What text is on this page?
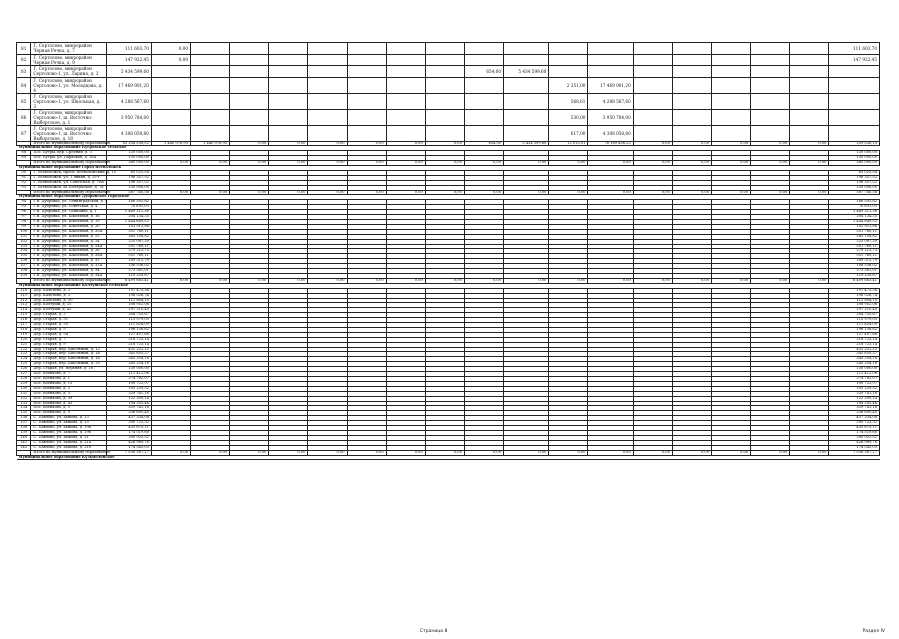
81	Г. Сертолово, микрорайон Черная Речка, д. 7	111 603,70	0,00																	111 603,70
82	Г. Сертолово, микрорайон Черная Речка, д. 9	147 922,45	0,00																	147 922,45
83	Г. Сертолово, микрорайон Сертолово-1, ул. Ларина, д. 2	5 434 599,60									654,00	5 434 599,60								
84	Г. Сертолово, микрорайон Сертолово-1, ул. Молодцова, д. 4	17 469 901,20											2 351,00	17 469 901,20						
85	Г. Сертолово, микрорайон Сертолово-1, ул. Школьная, д. 3	4 288 567,60											568,61	4 288 567,60						
86	Г. Сертолово, микрорайон Сертолово-1, ш. Восточно-Выборгское, д. 1	3 950 784,00											530,00	3 950 784,00						
87	Г. Сертолово, микрорайон Сертолово-1, ш. Восточно-Выборгское, д. 18	4 308 058,80											617,00	4 308 058,80						
	Итого по муниципальному образованию	83 304 558,92	1 440 976,95	1 440 976,95	0,00	0,00	0,00	0,00	0,00	0,00	654,00	5 434 599,60	12 015,01	76 169 456,22	0,00	0,00	0,00	0,00	0,00	259 526,15
Муниципальное образование Бугровское сельское																				
88	Пос. Бугры, пер. Средний, д. 3	130 000,00																		130 000,00
89	Пос. Бугры, ул. Парковая, д. 16А	130 000,00																		130 000,00
	Итого по муниципальному образованию	260 000,00	0,00	0,00	0,00	0,00	0,00	0,00	0,00	0,00	0,00	0,00	0,00	0,00	0,00	0,00	0,00	0,00	0,00	260 000,00
Муниципальное образование Город Всеволожск																				
90	Г. Всеволожск, просп. Всеволожский, д. 15	65 025,54																		65 025,54
91	Г. Всеволожск, ул. 1 линия, д. 25-г	196 357,52																		196 357,52
92	Г. Всеволожск, ул. Советская, д. 70А	196 357,52																		196 357,52
93	Г. Всеволожск, ш. Колтушское, д. 78	130 000,00																		130 000,00
	Итого по муниципальному образованию	587 740,58	0,00	0,00	0,00	0,00	0,00	0,00	0,00	0,00	0,00	0,00	0,00	0,00	0,00	0,00	0,00	0,00	0,00	587 740,58
Муниципальное образование Дубровское городское																				
94	Г.п. Дубровка, ул. Ленинградская, д. 4	166 592,82																		166 592,82
95	Г.п. Дубровка, ул. Советская, д. 4	70 691,03																		70 691,03
96	Г.п. Дубровка, ул. Томилина, д. 1	1 469 311,36																		1 469 311,36
97	Г.п. Дубровка, ул. Школьная, д. 16	204 134,33																		204 134,33
98	Г.п. Дубровка, ул. Школьная, д. 19	1 444 649,53																		1 444 649,53
99	Г.п. Дубровка, ул. Школьная, д. 20	103 913,86																		103 913,86
100	Г.п. Дубровка, ул. Школьная, д. 20А	551 760,11																		551 760,11
101	Г.п. Дубровка, ул. Школьная, д. 22	283 158,82																		283 158,82
102	Г.п. Дубровка, ул. Школьная, д. 24	225 087,20																		225 087,20
103	Г.п. Дубровка, ул. Школьная, д. 24А	551 760,11																		551 760,11
104	Г.п. Дубровка, ул. Школьная, д. 26	279 213,73																		279 213,73
105	Г.п. Дубровка, ул. Школьная, д. 26А	551 760,11																		551 760,11
106	Г.п. Дубровка, ул. Школьная, д. 32	189 312,70																		189 312,70
107	Г.п. Дубровка, ул. Школьная, д. 32А	106 536,02																		106 536,02
108	Г.п. Дубровка, ул. Школьная, д. 34	273 361,01																		273 361,01
109	Г.п. Дубровка, ул. Школьная, д. 34А	119 220,67																		119 220,67
	Итого по муниципальному образованию	6 499 663,41	0,00	0,00	0,00	0,00	0,00	0,00	0,00	0,00	0,00	0,00	0,00	0,00	0,00	0,00	0,00	0,00	0,00	6 499 663,41
Муниципальное образование Колтушское сельское																				
110	Дер. Кальтино, д. 3	197 473,36																		197 473,36
111	Дер. Кальтино, д. 2	196 526,74																		196 526,74
112	Дер. Кальтино, д. 30	112 804,10																		112 804,10
113	Дер. Колтуши, д. 15	108 952,06																		108 952,06
114	Дер. Колтуши, д. 42	197 210,40																		197 210,40
115	Дер. Старая, д. 3	204 755,67																		204 755,67
116	Дер. Старая, д. 31	115 979,05																		115 979,05
117	Дер. Старая, д. 35	111 824,09																		111 824,09
118	Дер. Старая, д. 5	196 158,62																		196 158,62
119	Дер. Старая, д. 54	127 407,68																		127 407,68
120	Дер. Старая, д. 7	218 723,14																		218 723,14
121	Дер. Старая, д. 9	218 723,14																		218 723,14
122	Дер. Старая, пер. Школьный, д. 12	432 222,13																		432 222,13
123	Дер. Старая, пер. Школьный, д. 14	345 655,27																		345 655,27
124	Дер. Старая, пер. Школьный, д. 16	245 254,18																		245 254,18
125	Дер. Старая, пер. Школьный, д. 20	245 254,18																		245 254,18
126	Дер. Старая, ул. Верхняя, д. 16	130 000,00																		130 000,00
127	Пос. Воейково, д. 7	112 412,06																		112 412,06
128	Пос. Воейково, д. 1	274 782,07																		274 782,07
129	Пос. Воейково, д. 15	190 722,97																		190 722,97
130	Пос. Воейково, д. 2	192 229,52																		192 229,52
131	Пос. Воейково, д. 3	329 741,16																		329 741,16
132	Пос. Воейково, д. 39	122 209,14																		122 209,14
133	Пос. Воейково, д. 43	104 205,46																		104 205,46
134	Пос. Воейково, д. 5	329 741,16																		329 741,16
135	Пос. Воейково, д. 9	236 695,40																		236 695,40
136	С. Павлово, ул. Быкова, д. 13	437 334,08																		437 334,08
137	С. Павлово, ул. Быкова, д. 15	390 723,32																		390 723,32
138	С. Павлово, ул. Быкова, д. 19а	435 675,11																		435 675,11
139	С. Павлово, ул. Быкова, д. 19б	174 519,60																		174 519,60
140	С. Павлово, ул. Быкова, д. 21	200 922,52																		200 922,52
141	С. Павлово, ул. Быкова, д. 21а	426 989,76																		426 989,76
142	С. Павлово, ул. Быкова, д. 21б	174 545,03																		174 545,03
	Итого по муниципальному образованию	7 538 367,17	0,00	0,00	0,00	0,00	0,00	0,00	0,00	0,00	0,00	0,00	0,00	0,00	0,00	0,00	0,00	0,00	0,00	7 538 367,17
Муниципальное образование Кузьмоловское																				
Страница 8	Раздел IV
